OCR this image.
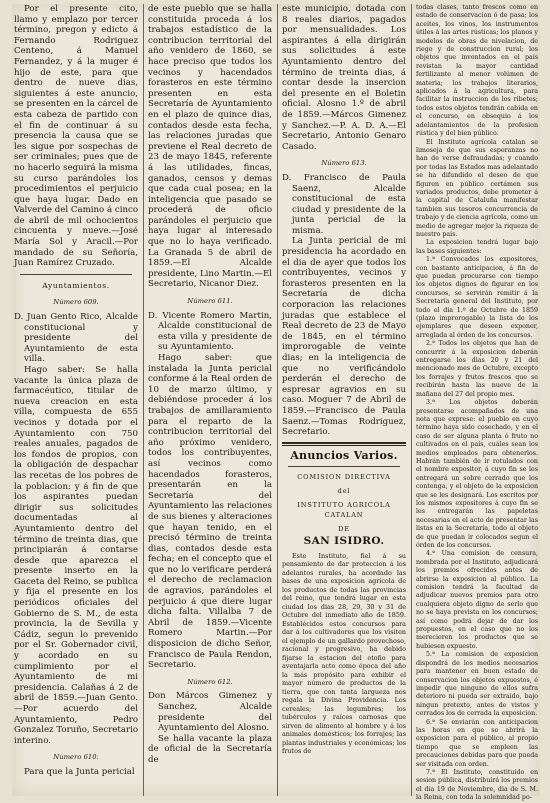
Por el presente cito, llamo y emplazo por tercer término, pregon y edicto á Fernando Rodriguez Centeno, á Manuel Fernandez, y á la muger é hijo de este, para que dentro de nueve dias, siguientes á este anuncio, se presenten en la cárcel de esta cabeza de partido con el fin de continuar á su presencia la causa que se les sigue por sospechas de ser criminales; pues que de no hacerlo seguirá la misma su curso parándoles los procedimientos el perjuicio que haya lugar. Dado en Valverde del Camino á cinco de abril de mil ochocientos cincuenta y nueve.—José María Sol y Aracil.—Por mandado de su Señoría, Juan Ramírez Cruzado.

Ayuntamientos.

Número 609.

D. Juan Gento Rico, Alcalde constitucional y presidente del Ayuntamiento de esta villa.

Hago saber: Se halla vacante la única plaza de farmacéutico, titular de nueva creacion en esta villa, compuesta de 655 vecinos y dotada por el Ayuntamiento con 750 reales anuales, pagados de los fondos de propios, con la obligación de despachar las recetas de los pobres de la poblacion: y á fin de que los aspirantes puedan dirigir sus solicitudes documentadas al Ayuntamiento dentro del término de treinta dias, que principiarán á contarse desde que aparezca el presente inserto en la Gaceta del Reino, se publica y fija el presente en los periódicos oficiales del Gobierno de S. M., de esta provincia, la de Sevilla y Cádiz, segun lo prevenido por el Sr. Gobernador civil, y acordado en su cumplimiento por el Ayuntamiento de mi presidencia. Calañas á 2 de abril de 1859.—Juan Gento.—Por acuerdo del Ayuntamiento, Pedro Gonzalez Toruño, Secretario interino.

Número 610.

Para que la Junta pericial

de este pueblo que se halla constituida proceda á los trabajos estadístico de la contribucion territorial del año venidero de 1860, se hace preciso que todos los vecinos y hacendados forasteros en este término presenten en esta Secretaría de Ayuntamiento en el plazo de quince dias, contados desde esta fecha, las relaciones juradas que previene el Real decreto de 23 de mayo 1845, referente á las utilidades, fincas, ganados, censos y demas que cada cual posea; en la inteligencia que pasado se procederá de oficio parándoles el perjuicio que haya lugar al interesado que no lo haya verificado. La Granada 5 de abril de 1859.—El Alcalde presidente, Lino Martin.—El Secretario, Nicanor Diez.

Número 611.

D. Vicente Romero Martin, Alcalde constitucional de esta villa y presidente de su Ayuntamiento.

Hago saber: que instalada la Junta pericial conforme á la Real orden de 10 de marzo último, y debiéndose proceder á los trabajos de amillaramiento para el reparto de la contribucion territorial del año próximo venidero, todos los contribuyentes, así vecinos como hacendados forasteros, presentarán en la Secretaría del Ayuntamiento las relaciones de sus bienes y alteraciones que hayan tenido, en el precisó término de treinta dias, contados desde esta fecha; en el concepto que el que no lo verificare perderá el derecho de reclamacion de agravios, parándoles el perjuicio á que diere lugar dicha falta. Villalba 7 de Abril de 1859.—Vicente Romero Martin.—Por disposicion de dicho Señor, Francisco de Paula Rendon, Secretario.

Número 612.

Don Márcos Gimenez y Sanchez, Alcalde presidente del Ayuntamiento del Alosno.

Se halla vacante la plaza de oficial de la Secretaría de

este municipio, dotada con 8 reales diarios, pagados por mensualidades. Los aspirantes á ella dirigirán sus solicitudes á este Ayuntamiento dentro del término de treinta dias, á contar desde la insercion del presente en el Boletin oficial. Alosno 1.º de abril de 1859.—Márcos Gimenez y Sanchez.—P. A. D. A.—El Secretario, Antonio Genaro Casado.

Número 613.

D. Francisco de Paula Saenz, Alcalde constitucional de esta ciudad y presidente de la junta pericial de la misma.

La Junta pericial de mi presidencia ha acordado en el dia de ayer que todos los contribuyentes, vecinos y forasteros presenten en la Secretaría de dicha corporacion las relaciones juradas que establece el Real decreto de 23 de Mayo de 1845, en el término improrogable de veinte dias; en la inteligencia de que no verificándolo perderán el derecho de espresar agravios en su caso. Moguer 7 de Abril de 1859.—Francisco de Paula Saenz.—Tomas Rodriguez, Secretario.

Anuncios Varios.

COMISION DIRECTIVA

del

INSTITUTO AGRICOLA CATALAN

DE

SAN ISIDRO.

Este Instituto, fiel á su pensamiento de dar proteccion á los adelantos rurales, ha acordado las bases de una exposicion agrícola de los productos de todas las provincias del reino, que tendrá lugar en esta ciudad los dias 28, 29, 30 y 31 de Octubre del inmediato año de 1859. Establécidos estos concursos para dar á los cultivadores que los visiten el ejemplo de un gallardo provechoso, racional y progresivo, ha debido fijarse la estacion del otoño para aventajarla acto como época del año la más propósito para exhibir el mayor número de productos de la tierra, que con tanta largueza nos regala la Divina Providencia. Los cereales; las legumbres; los tubérculos y raíces carnosas que sirven de alimento al hombre y á los animales domésticos; los forrajes; las plantas industriales y económicas; los frutos de

todas clases, tanto frescos como en estado de conservacion ó de pasa; los aceites, los vinos, los instrumentos útiles á las artes rústicas; los planos y modelos de obras de nivelacion, de riego y de construccion rural; los objetos que inventados en el país revistan la mayor cantidad fertilizante al menor volúmen de materia; los trabajos literarios, aplicados á la agricultura, para facilitar la instruccion de los ribetes; todos estos objetos tendrán cabida en el concurso, en obsequio á los adelantamientos de la profesion rústica y del bien público.

El Instituto agrícola catalan se limoseja de que sus esperanzas no han de verse defraudadas; y cuando por todas las Estados mas adelantado se ha difundido el deseo de que figuren en público certámen sus variados productos, debe prometer á la capital de Cataluña manifestar tambien sus tesoros concurrencia de trabajo y de ciencia agrícola, como un medio de agregar mejor la riqueza de nuestro país.

La exposicion tendrá lugar bajo las bases siguientes:

1.ª Convocados los expositores, con bastante anticipacion, á fin de que puedan procurarse con tiempo los objetos dignos de figurar en los concursos, se servirán remitir á la Secretaría general del Instituto, por todo el dia 1.º de Octubre de 1859 (plazo improrogable) la lista de los ejemplares que deseen exponer, arreglada al órden de los concursos.

2.ª Todos los objetos que han de concurrir á la exposicion deberán entregarse los dias 20 y 21 del mencionado mes de Octubre, excepto los forrajes y frutos frescos que se recibirán hasta las nueve de la mañana del 27 del propio mes.

3.ª Los objetos deberán presentarse acompañados de una nota que exprese: el pueblo en cuyo término haya sido cosechado, y en el caso de ser alguna planta ó fruto no cultivados en el país, cuáles sean los medios empleados para obtenerlos. Habrán también de ir rotulados con el nombre expositor, á cuyo fin se les entregará un sobre cerrado que los contenga, y el objeto de la exposicion que se les designará. Los escritos por los mismos expositores á cuyo fin se les entregarán las papeletas necesarias en el acto de presentar las listas en la Secretaría, todo al objeto de que puedan ir colocados segun el órden de los concursos.

4.ª Una comision de censura, nombrada por el Instituto, adjudicará los premios ofrecidos antes de abrirse la exposicion al público. La comision tendrá la facultad de adjudicar nuevos premios para otro cualquiera objeto digno de serlo que no se haya prevista en los concursos; así como podrá dejar de dar los propuestos, en el caso que no los merecieren los productos que se hubiesen expuesto.

5.ª La comision de exposicion dispondrá de los medios necesarios para mantener en buen estado de conservacion los objetos expuestos, é impedir que ninguno de ellos sufra deterioro ni pueda ser extraido, bajo ningun pretexto, antes de vistos y cerrados los de cerrada la exposicion.

6.ª Se enviarán con anticipacion las horas en que se abrirá la exposicion para el público, al propio tiempo que se empleen las precauciones debidas para que pueda ser visitada con orden.

7.ª El Instituto, constituido en sesion pública, distribuirá los premios el dia 19 de Noviembre, dia de S. M. la Reina, con toda la solemnidad po-
